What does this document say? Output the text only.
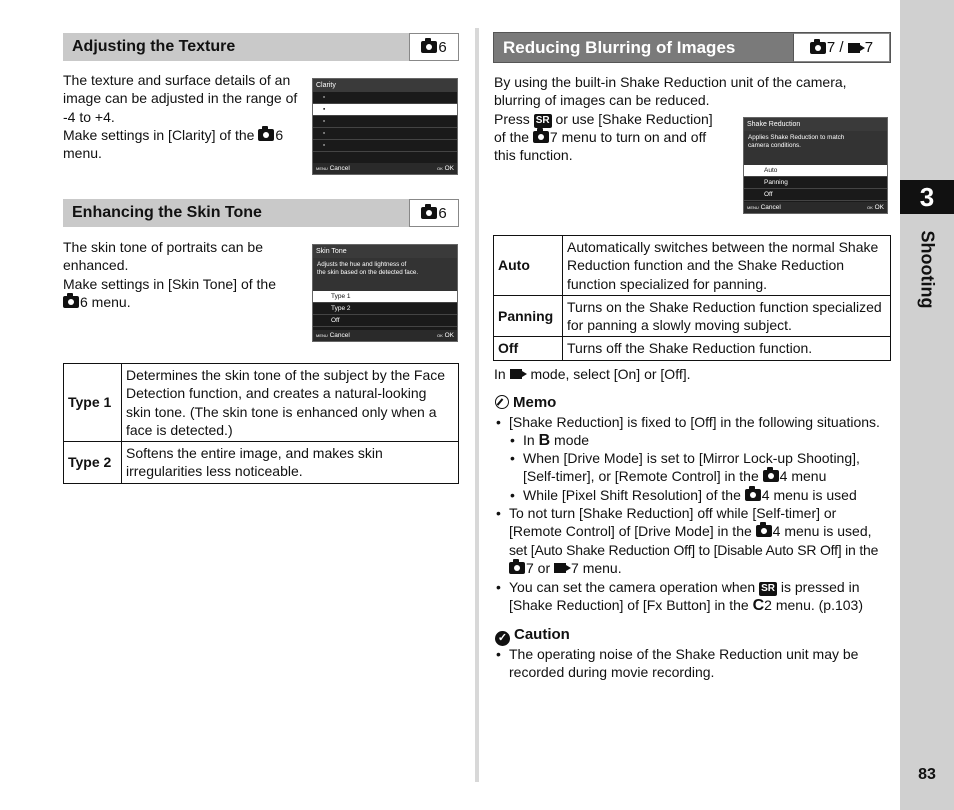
Adjusting the Texture	6
The texture and surface details of an
image can be adjusted in the range of
-4 to +4.
Make settings in [Clarity] of the 6
menu.
Clarity
▫
▪
▫
▫
▫
MENU Cancel	OK OK
Enhancing the Skin Tone	6
The skin tone of portraits can be
enhanced.
Make settings in [Skin Tone] of the
6 menu.
Skin Tone
Adjusts the hue and lightness of
the skin based on the detected face.
Type 1
Type 2
Off
MENU Cancel	OK OK
Type 1	Determines the skin tone of the subject by the Face Detection function, and creates a natural-looking skin tone. (The skin tone is enhanced only when a face is detected.)
Type 2	Softens the entire image, and makes skin irregularities less noticeable.
Reducing Blurring of Images	7 /
7
By using the built-in Shake Reduction unit of the camera,
blurring of images can be reduced.
Press SR or use [Shake Reduction]
of the 7 menu to turn on and off
this function.
Shake Reduction
Applies Shake Reduction to match
camera conditions.
Auto
Panning
Off
MENU Cancel	OK OK
Auto	Automatically switches between the normal Shake Reduction function and the Shake Reduction function specialized for panning.
Panning	Turns on the Shake Reduction function specialized for panning a slowly moving subject.
Off	Turns off the Shake Reduction function.
In mode, select [On] or [Off].
Memo
• [Shake Reduction] is fixed to [Off] in the following situations.
• In B mode
• When [Drive Mode] is set to [Mirror Lock-up Shooting],
[Self-timer], or [Remote Control] in the 4 menu
• While [Pixel Shift Resolution] of the 4 menu is used
• To not turn [Shake Reduction] off while [Self-timer] or
[Remote Control] of [Drive Mode] in the 4 menu is used,
set [Auto Shake Reduction Off] to [Disable Auto SR Off] in the
7 or 7 menu.
• You can set the camera operation when SR is pressed in
[Shake Reduction] of [Fx Button] in the C2 menu. (p.103)
✓ Caution
• The operating noise of the Shake Reduction unit may be recorded during movie recording.
3
Shooting
83
